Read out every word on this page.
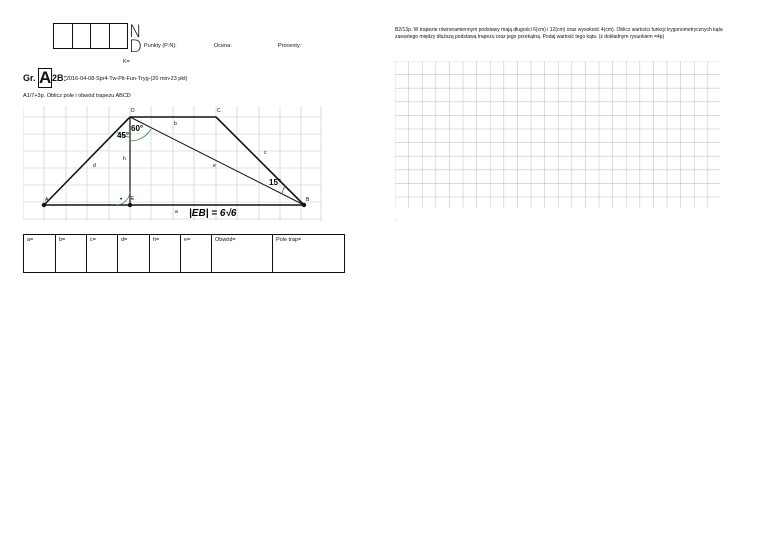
N
D Punkty (P:N):	Ocena:	Procenty:
K=
Gr. A 2B: 2016-04-08-Spr4-Tw-Pit-Fun-Tryg-(20 min-23 pkt)
A1/7+3p. Oblicz pole i obwód trapezu ABCD
A	B
C
D
E
a
b
c
d
h
e
45°
60°
15°
•
|EB| = 6√6
a=	b=	c=	d=	h=	e=	Obwód=	Pole trap=
B2/13p. W trapezie równoramiennym podstawy mają długości 6(cm) i 12(cm) oraz wysokość 4(cm). Oblicz wartości funkcji trygonometrycznych kąta
zawartego między dłuższą podstawą trapezu oraz jego przekątną. Podaj wartość tego kąta. (z dokładnym rysunkiem =4p)
.
